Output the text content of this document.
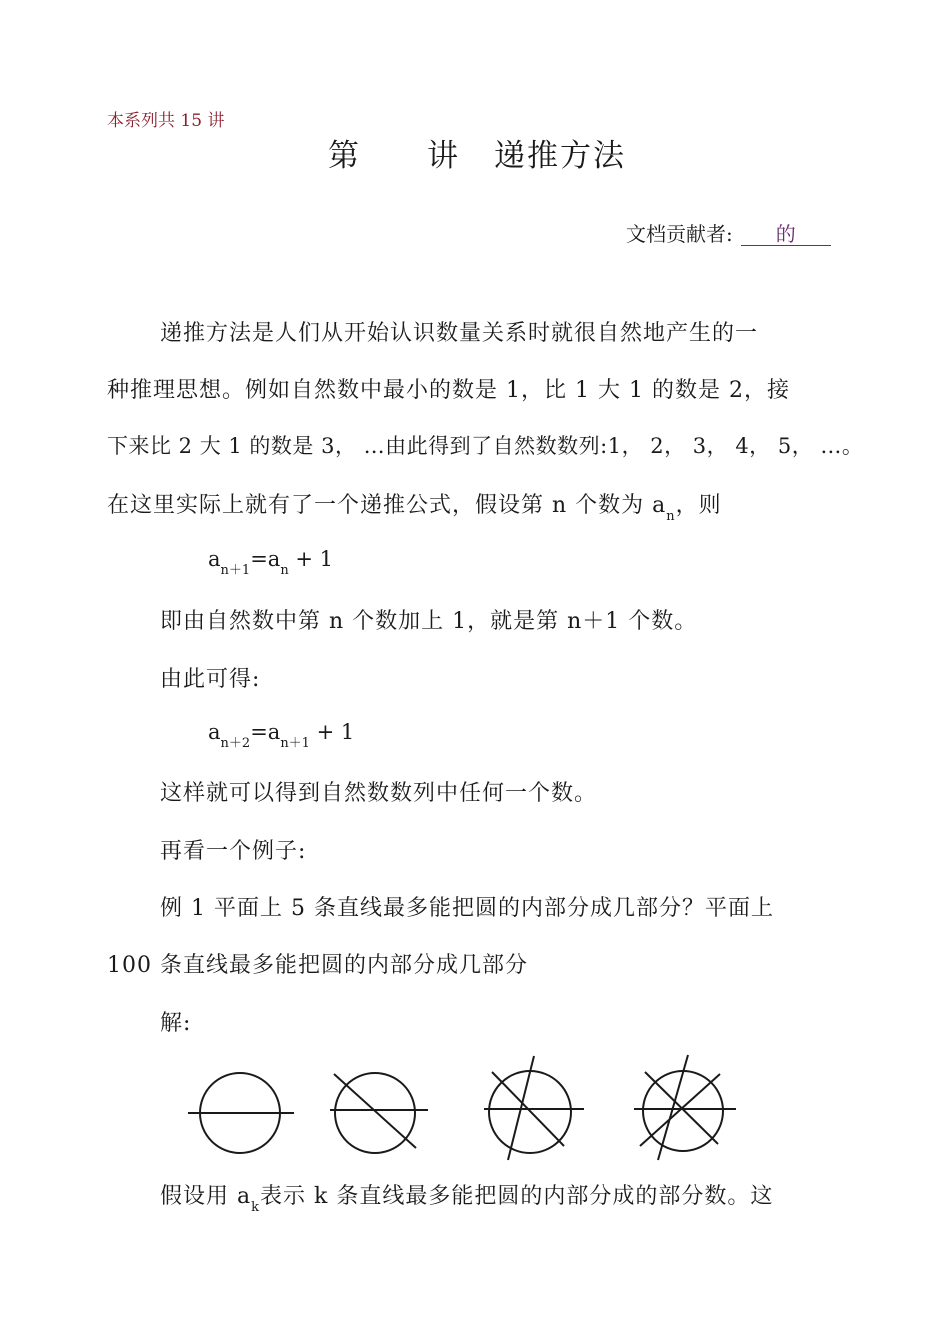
本系列共 15 讲
第 讲 递推方法
文档贡献者: 的
递推方法是人们从开始认识数量关系时就很自然地产生的一
种推理思想。例如自然数中最小的数是 1，比 1 大 1 的数是 2，接
下来比 2 大 1 的数是 3， …由此得到了自然数数列:1， 2， 3， 4， 5， …。
在这里实际上就有了一个递推公式，假设第 n 个数为 $a_n$，则
$a_{n+1}=a_n + 1$
即由自然数中第 n 个数加上 1，就是第 n＋1 个数。
由此可得:
$a_{n+2}=a_{n+1} + 1$
这样就可以得到自然数数列中任何一个数。
再看一个例子:
例 1 平面上 5 条直线最多能把圆的内部分成几部分？平面上
100 条直线最多能把圆的内部分成几部分
解:
假设用 $a_k$表示 k 条直线最多能把圆的内部分成的部分数。这
